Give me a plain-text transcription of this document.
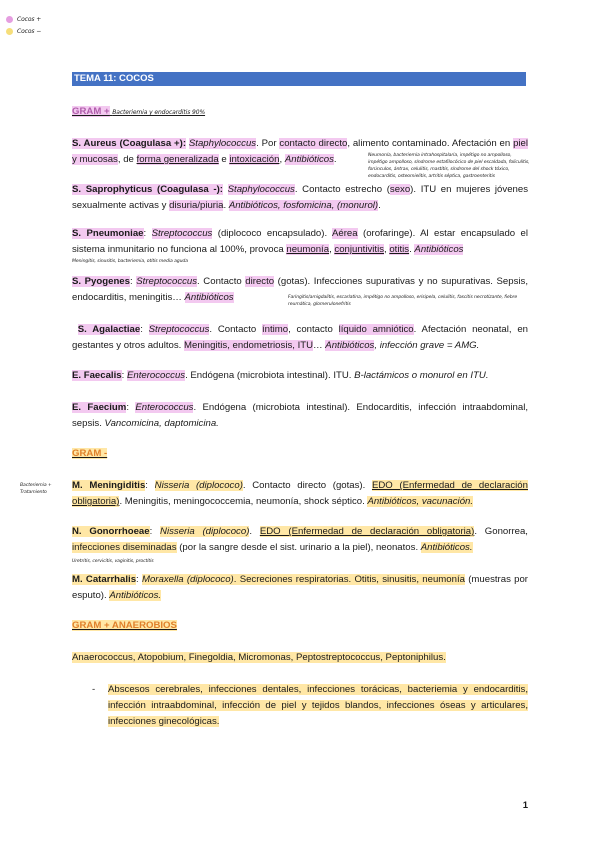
Cocos +
Cocos −
TEMA 11: COCOS
GRAM + Bacteriemia y endocarditis 90%
S. Aureus (Coagulasa +): Staphylococcus. Por contacto directo, alimento contaminado. Afectación en piel y mucosas, de forma generalizada e intoxicación, Antibióticos.	Neumonía, bacteriemia intrahospitalaria, impétigo no ampolloso, impétigo ampolloso, síndrome estafilocócico de piel escaldada, foliculitis, forúnculos, ántrax, celulitis, mastitis, síndrome del shock tóxico, endocarditis, osteomielitis, artritis séptica, gastroenteritis
S. Saprophyticus (Coagulasa -): Staphylococcus. Contacto estrecho (sexo). ITU en mujeres jóvenes sexualmente activas y disuria/piuria. Antibióticos, fosfomicina, (monurol).
S. Pneumoniae: Streptococcus (diplococo encapsulado). Aérea (orofaringe). Al estar encapsulado el sistema inmunitario no funciona al 100%, provoca neumonía, conjuntivitis, otitis. Antibióticos
Meningitis, sinusitis, bacteriemia, otitis media aguda
S. Pyogenes: Streptococcus. Contacto directo (gotas). Infecciones supurativas y no supurativas. Sepsis, endocarditis, meningitis… Antibióticos	Faringitis/amigdalitis, escarlatina, impétigo no ampolloso, erisipela, celulitis, fascitis necrotizante, fiebre reumática, glomerulonefritis
S. Agalactiae: Streptococcus. Contacto íntimo, contacto líquido amniótico. Afectación neonatal, en gestantes y otros adultos. Meningitis, endometriosis, ITU… Antibióticos, infección grave = AMG.
E. Faecalis: Enterococcus. Endógena (microbiota intestinal). ITU. B-lactámicos o monurol en ITU.
E. Faecium: Enterococcus. Endógena (microbiota intestinal). Endocarditis, infección intraabdominal, sepsis. Vancomicina, daptomicina.
GRAM -
Bacteriemia + Tratamiento
M. Meningiditis: Nisseria (diplococo). Contacto directo (gotas). EDO (Enfermedad de declaración obligatoria). Meningitis, meningococcemia, neumonía, shock séptico. Antibióticos, vacunación.
N. Gonorrhoeae: Nisseria (diplococo). EDO (Enfermedad de declaración obligatoria). Gonorrea, infecciones diseminadas (por la sangre desde el sist. urinario a la piel), neonatos. Antibióticos.
Uretritis, cervicitis, vaginitis, proctitis
M. Catarrhalis: Moraxella (diplococo). Secreciones respiratorias. Otitis, sinusitis, neumonía (muestras por esputo). Antibióticos.
GRAM + ANAEROBIOS
Anaerococcus, Atopobium, Finegoldia, Micromonas, Peptostreptococcus, Peptoniphilus.
- Abscesos cerebrales, infecciones dentales, infecciones torácicas, bacteriemia y endocarditis, infección intraabdominal, infección de piel y tejidos blandos, infecciones óseas y articulares, infecciones ginecológicas.
1
